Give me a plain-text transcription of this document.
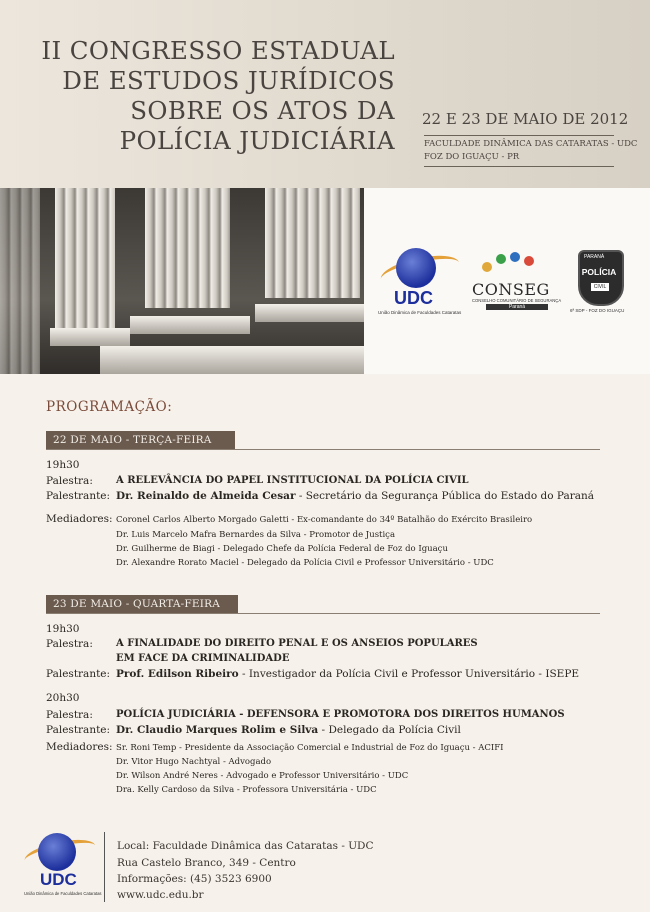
II CONGRESSO ESTADUAL
DE ESTUDOS JURÍDICOS
SOBRE OS ATOS DA
POLÍCIA JUDICIÁRIA
22 E 23 DE MAIO DE 2012
FACULDADE DINÂMICA DAS CATARATAS - UDC
FOZ DO IGUAÇU - PR
UDC
União Dinâmica de Faculdades Cataratas
CONSEG
CONSELHO COMUNITÁRIO DE SEGURANÇA
Paraná
PARANÁ
POLÍCIA
CIVIL
6ª SDP - FOZ DO IGUAÇU
PROGRAMAÇÃO:
22 DE MAIO - TERÇA-FEIRA
19h30
Palestra: A RELEVÂNCIA DO PAPEL INSTITUCIONAL DA POLÍCIA CIVIL
Palestrante: Dr. Reinaldo de Almeida Cesar - Secretário da Segurança Pública do Estado do Paraná
Mediadores: Coronel Carlos Alberto Morgado Galetti - Ex-comandante do 34º Batalhão do Exército Brasileiro
Dr. Luis Marcelo Mafra Bernardes da Silva - Promotor de Justiça
Dr. Guilherme de Biagi - Delegado Chefe da Polícia Federal de Foz do Iguaçu
Dr. Alexandre Rorato Maciel - Delegado da Polícia Civil e Professor Universitário - UDC
23 DE MAIO - QUARTA-FEIRA
19h30
Palestra: A FINALIDADE DO DIREITO PENAL E OS ANSEIOS POPULARES
EM FACE DA CRIMINALIDADE
Palestrante: Prof. Edilson Ribeiro - Investigador da Polícia Civil e Professor Universitário - ISEPE
20h30
Palestra: POLÍCIA JUDICIÁRIA - DEFENSORA E PROMOTORA DOS DIREITOS HUMANOS
Palestrante: Dr. Claudio Marques Rolim e Silva - Delegado da Polícia Civil
Mediadores: Sr. Roni Temp - Presidente da Associação Comercial e Industrial de Foz do Iguaçu - ACIFI
Dr. Vitor Hugo Nachtyal - Advogado
Dr. Wilson André Neres - Advogado e Professor Universitário - UDC
Dra. Kelly Cardoso da Silva - Professora Universitária - UDC
UDC
União Dinâmica de Faculdades Cataratas
Local: Faculdade Dinâmica das Cataratas - UDC
Rua Castelo Branco, 349 - Centro
Informações: (45) 3523 6900
www.udc.edu.br
